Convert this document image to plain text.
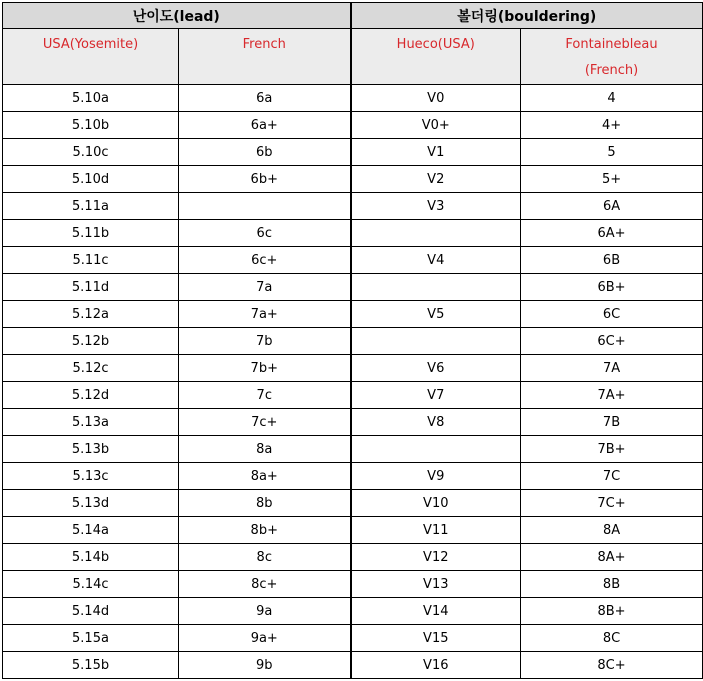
난이도(lead)		볼더링(bouldering)	
USA(Yosemite)	French	Hueco(USA)	Fontainebleau
(French)

5.10a	6a	V0	4
5.10b	6a+	V0+	4+
5.10c	6b	V1	5
5.10d	6b+	V2	5+
5.11a		V3	6A
5.11b	6c		6A+
5.11c	6c+	V4	6B
5.11d	7a		6B+
5.12a	7a+	V5	6C
5.12b	7b		6C+
5.12c	7b+	V6	7A
5.12d	7c	V7	7A+
5.13a	7c+	V8	7B
5.13b	8a		7B+
5.13c	8a+	V9	7C
5.13d	8b	V10	7C+
5.14a	8b+	V11	8A
5.14b	8c	V12	8A+
5.14c	8c+	V13	8B
5.14d	9a	V14	8B+
5.15a	9a+	V15	8C
5.15b	9b	V16	8C+
